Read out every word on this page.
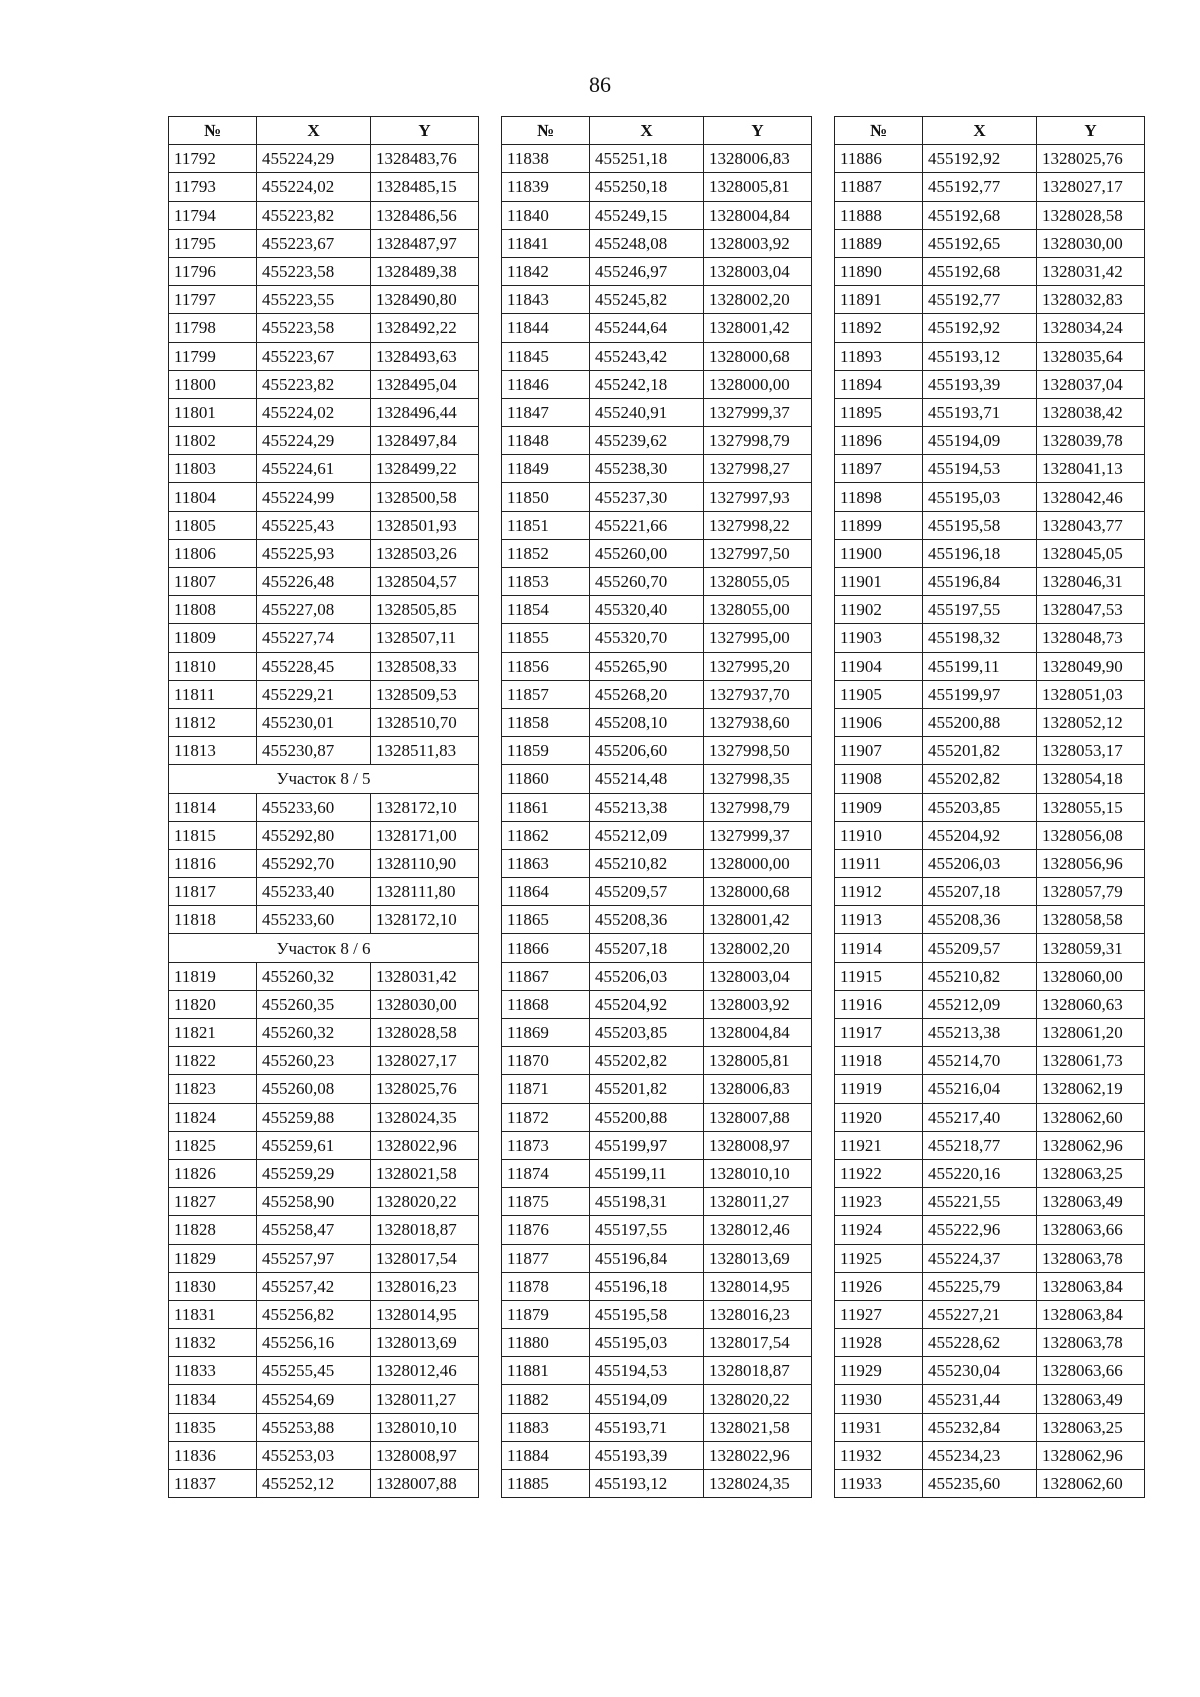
86
№	X	Y
11792	455224,29	1328483,76
11793	455224,02	1328485,15
11794	455223,82	1328486,56
11795	455223,67	1328487,97
11796	455223,58	1328489,38
11797	455223,55	1328490,80
11798	455223,58	1328492,22
11799	455223,67	1328493,63
11800	455223,82	1328495,04
11801	455224,02	1328496,44
11802	455224,29	1328497,84
11803	455224,61	1328499,22
11804	455224,99	1328500,58
11805	455225,43	1328501,93
11806	455225,93	1328503,26
11807	455226,48	1328504,57
11808	455227,08	1328505,85
11809	455227,74	1328507,11
11810	455228,45	1328508,33
11811	455229,21	1328509,53
11812	455230,01	1328510,70
11813	455230,87	1328511,83
Участок 8 / 5		
11814	455233,60	1328172,10
11815	455292,80	1328171,00
11816	455292,70	1328110,90
11817	455233,40	1328111,80
11818	455233,60	1328172,10
Участок 8 / 6		
11819	455260,32	1328031,42
11820	455260,35	1328030,00
11821	455260,32	1328028,58
11822	455260,23	1328027,17
11823	455260,08	1328025,76
11824	455259,88	1328024,35
11825	455259,61	1328022,96
11826	455259,29	1328021,58
11827	455258,90	1328020,22
11828	455258,47	1328018,87
11829	455257,97	1328017,54
11830	455257,42	1328016,23
11831	455256,82	1328014,95
11832	455256,16	1328013,69
11833	455255,45	1328012,46
11834	455254,69	1328011,27
11835	455253,88	1328010,10
11836	455253,03	1328008,97
11837	455252,12	1328007,88
№	X	Y
11838	455251,18	1328006,83
11839	455250,18	1328005,81
11840	455249,15	1328004,84
11841	455248,08	1328003,92
11842	455246,97	1328003,04
11843	455245,82	1328002,20
11844	455244,64	1328001,42
11845	455243,42	1328000,68
11846	455242,18	1328000,00
11847	455240,91	1327999,37
11848	455239,62	1327998,79
11849	455238,30	1327998,27
11850	455237,30	1327997,93
11851	455221,66	1327998,22
11852	455260,00	1327997,50
11853	455260,70	1328055,05
11854	455320,40	1328055,00
11855	455320,70	1327995,00
11856	455265,90	1327995,20
11857	455268,20	1327937,70
11858	455208,10	1327938,60
11859	455206,60	1327998,50
11860	455214,48	1327998,35
11861	455213,38	1327998,79
11862	455212,09	1327999,37
11863	455210,82	1328000,00
11864	455209,57	1328000,68
11865	455208,36	1328001,42
11866	455207,18	1328002,20
11867	455206,03	1328003,04
11868	455204,92	1328003,92
11869	455203,85	1328004,84
11870	455202,82	1328005,81
11871	455201,82	1328006,83
11872	455200,88	1328007,88
11873	455199,97	1328008,97
11874	455199,11	1328010,10
11875	455198,31	1328011,27
11876	455197,55	1328012,46
11877	455196,84	1328013,69
11878	455196,18	1328014,95
11879	455195,58	1328016,23
11880	455195,03	1328017,54
11881	455194,53	1328018,87
11882	455194,09	1328020,22
11883	455193,71	1328021,58
11884	455193,39	1328022,96
11885	455193,12	1328024,35
№	X	Y
11886	455192,92	1328025,76
11887	455192,77	1328027,17
11888	455192,68	1328028,58
11889	455192,65	1328030,00
11890	455192,68	1328031,42
11891	455192,77	1328032,83
11892	455192,92	1328034,24
11893	455193,12	1328035,64
11894	455193,39	1328037,04
11895	455193,71	1328038,42
11896	455194,09	1328039,78
11897	455194,53	1328041,13
11898	455195,03	1328042,46
11899	455195,58	1328043,77
11900	455196,18	1328045,05
11901	455196,84	1328046,31
11902	455197,55	1328047,53
11903	455198,32	1328048,73
11904	455199,11	1328049,90
11905	455199,97	1328051,03
11906	455200,88	1328052,12
11907	455201,82	1328053,17
11908	455202,82	1328054,18
11909	455203,85	1328055,15
11910	455204,92	1328056,08
11911	455206,03	1328056,96
11912	455207,18	1328057,79
11913	455208,36	1328058,58
11914	455209,57	1328059,31
11915	455210,82	1328060,00
11916	455212,09	1328060,63
11917	455213,38	1328061,20
11918	455214,70	1328061,73
11919	455216,04	1328062,19
11920	455217,40	1328062,60
11921	455218,77	1328062,96
11922	455220,16	1328063,25
11923	455221,55	1328063,49
11924	455222,96	1328063,66
11925	455224,37	1328063,78
11926	455225,79	1328063,84
11927	455227,21	1328063,84
11928	455228,62	1328063,78
11929	455230,04	1328063,66
11930	455231,44	1328063,49
11931	455232,84	1328063,25
11932	455234,23	1328062,96
11933	455235,60	1328062,60
